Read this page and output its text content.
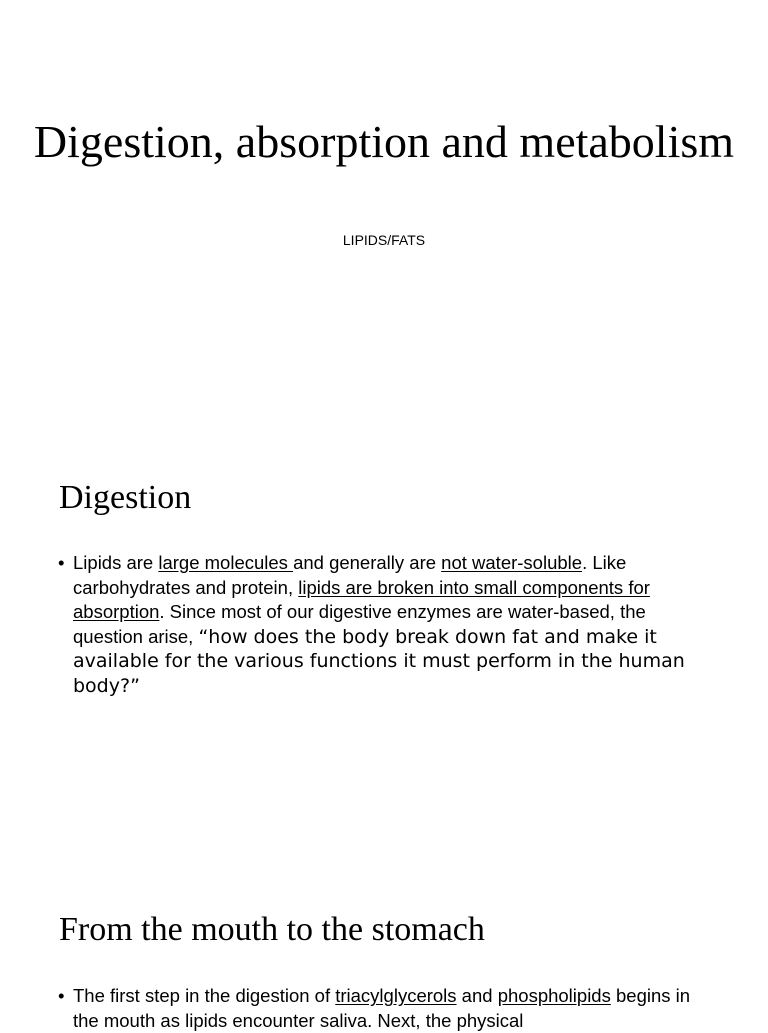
Digestion, absorption and metabolism
LIPIDS/FATS
Digestion
• Lipids are large molecules and generally are not water-soluble. Like carbohydrates and protein, lipids are broken into small components for absorption. Since most of our digestive enzymes are water-based, the question arise, “how does the body break down fat and make it available for the various functions it must perform in the human body?”
From the mouth to the stomach
• The first step in the digestion of triacylglycerols and phospholipids begins in the mouth as lipids encounter saliva. Next, the physical
